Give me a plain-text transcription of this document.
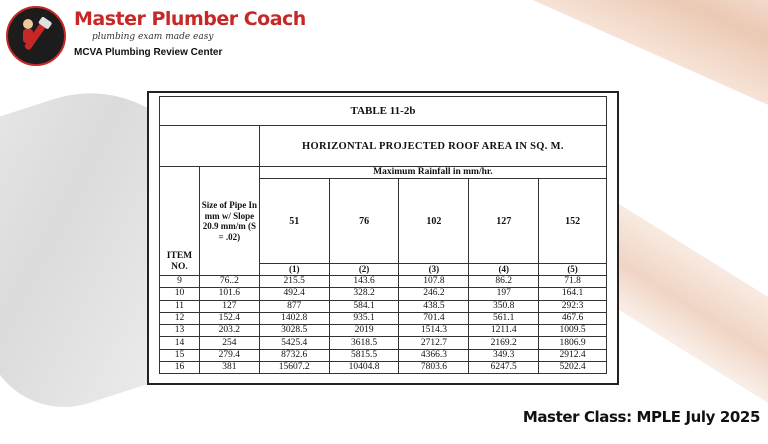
Master Plumber Coach
plumbing exam made easy
MCVA Plumbing Review Center
TABLE 11-2b						
		HORIZONTAL PROJECTED ROOF AREA IN SQ. M.				
ITEM NO.	Size of Pipe In mm w/ Slope 20.9 mm/m (S = .02)	Maximum Rainfall in mm/hr.				
		51	76	102	127	152
		(1)	(2)	(3)	(4)	(5)
9	76..2	215.5	143.6	107.8	86.2	71.8
10	101.6	492.4	328.2	246.2	197	164.1
11	127	877	584.1	438.5	350.8	292:3
12	152.4	1402.8	935.1	701.4	561.1	467.6
13	203.2	3028.5	2019	1514.3	1211.4	1009.5
14	254	5425.4	3618.5	2712.7	2169.2	1806.9
15	279.4	8732.6	5815.5	4366.3	349.3	2912.4
16	381	15607.2	10404.8	7803.6	6247.5	5202.4
Master Class: MPLE July 2025
